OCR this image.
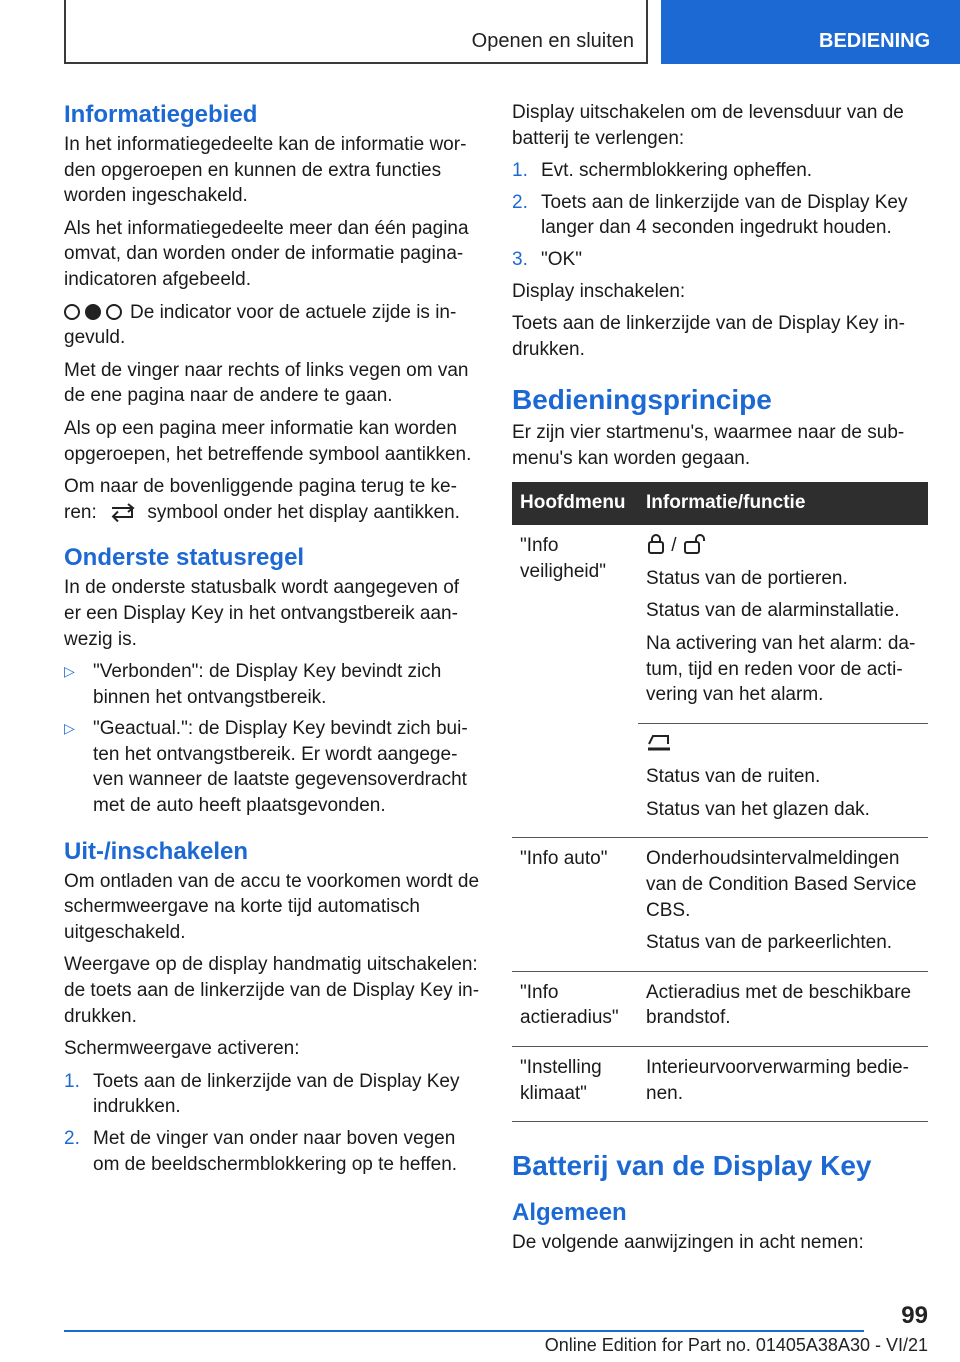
Openen en sluiten	BEDIENING
Informatiegebied

In het informatiegedeelte kan de informatie worden opgeroepen en kunnen de extra functies worden ingeschakeld.

Als het informatiegedeelte meer dan één pagina omvat, dan worden onder de informatie paginaindicatoren afgebeeld.

De indicator voor de actuele zijde is ingevuld.

Met de vinger naar rechts of links vegen om van de ene pagina naar de andere te gaan.

Als op een pagina meer informatie kan worden opgeroepen, het betreffende symbool aantikken.

Om naar de bovenliggende pagina terug te keren:	symbool onder het display aantikken.

Onderste statusregel

In de onderste statusbalk wordt aangegeven of er een Display Key in het ontvangstbereik aanwezig is.

▷ "Verbonden": de Display Key bevindt zich binnen het ontvangstbereik.
▷ "Geactual.": de Display Key bevindt zich buiten het ontvangstbereik. Er wordt aangegeven wanneer de laatste gegevensoverdracht met de auto heeft plaatsgevonden.
Uit-/inschakelen

Om ontladen van de accu te voorkomen wordt de schermweergave na korte tijd automatisch uitgeschakeld.

Weergave op de display handmatig uitschakelen: de toets aan de linkerzijde van de Display Key indrukken.

Schermweergave activeren:

1. Toets aan de linkerzijde van de Display Key indrukken.
2. Met de vinger van onder naar boven vegen om de beeldschermblokkering op te heffen.

Display uitschakelen om de levensduur van de batterij te verlengen:

1. Evt. schermblokkering opheffen.
2. Toets aan de linkerzijde van de Display Key langer dan 4 seconden ingedrukt houden.
3. "OK"

Display inschakelen:

Toets aan de linkerzijde van de Display Key indrukken.

Bedieningsprincipe

Er zijn vier startmenu's, waarmee naar de submenu's kan worden gegaan.

Hoofdmenu	Informatie/functie
"Info veiligheid"	/

Status van de portieren.

Status van de alarminstallatie.

Na activering van het alarm: datum, tijd en reden voor de activering van het alarm.

	Status van de ruiten.

Status van het glazen dak.

"Info auto"	Onderhoudsintervalmeldingen van de Condition Based Service CBS.

Status van de parkeerlichten.

"Info actieradius"	Actieradius met de beschikbare brandstof.

"Instelling klimaat"	Interieurvoorverwarming bedienen.

Batterij van de Display Key
Algemeen

De volgende aanwijzingen in acht nemen:

99
Online Edition for Part no. 01405A38A30 - VI/21
